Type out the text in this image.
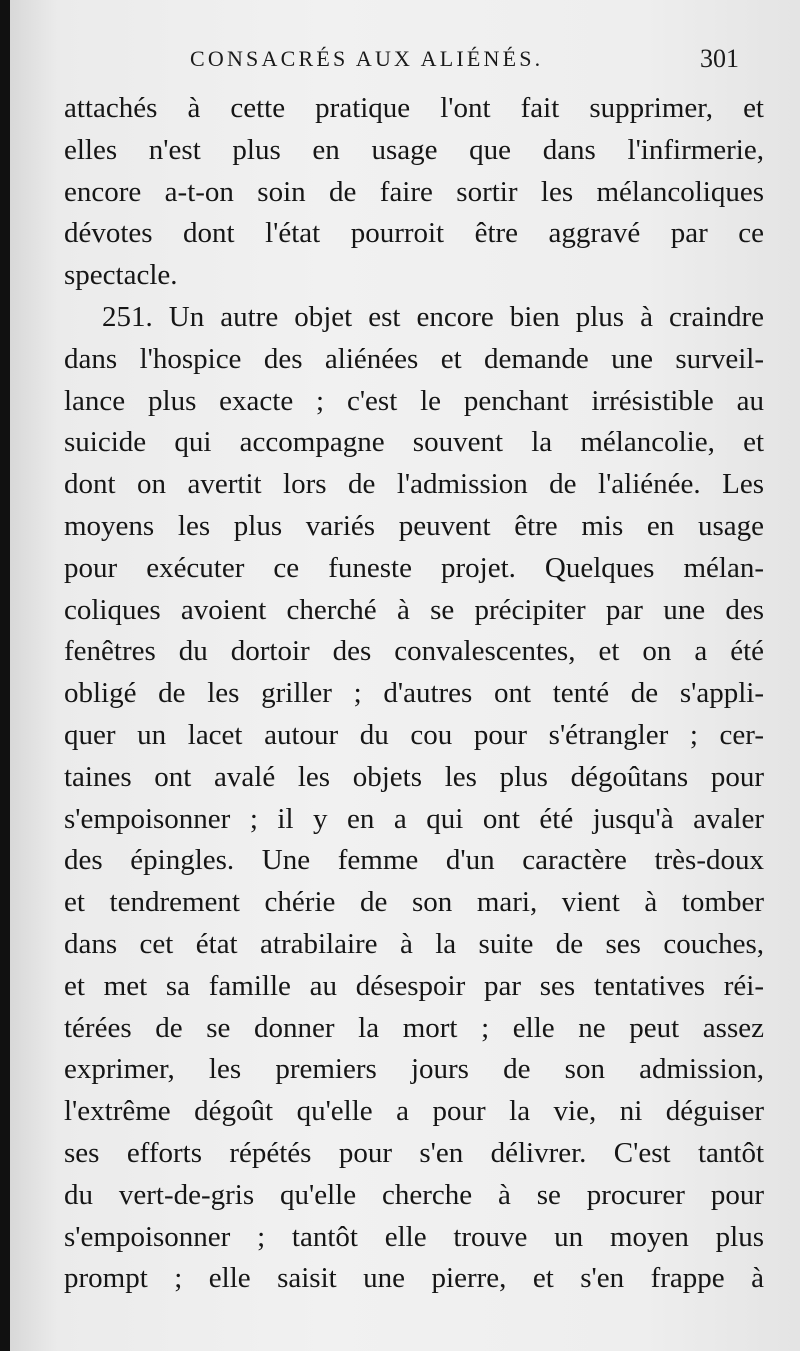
CONSACRÉS AUX ALIÉNÉS.	301
attachés à cette pratique l'ont fait supprimer, et
elles n'est plus en usage que dans l'infirmerie,
encore a-t-on soin de faire sortir les mélancoliques
dévotes dont l'état pourroit être aggravé par ce
spectacle.
251. Un autre objet est encore bien plus à craindre
dans l'hospice des aliénées et demande une surveil-
lance plus exacte ; c'est le penchant irrésistible au
suicide qui accompagne souvent la mélancolie, et
dont on avertit lors de l'admission de l'aliénée. Les
moyens les plus variés peuvent être mis en usage
pour exécuter ce funeste projet. Quelques mélan-
coliques avoient cherché à se précipiter par une des
fenêtres du dortoir des convalescentes, et on a été
obligé de les griller ; d'autres ont tenté de s'appli-
quer un lacet autour du cou pour s'étrangler ; cer-
taines ont avalé les objets les plus dégoûtans pour
s'empoisonner ; il y en a qui ont été jusqu'à avaler
des épingles. Une femme d'un caractère très-doux
et tendrement chérie de son mari, vient à tomber
dans cet état atrabilaire à la suite de ses couches,
et met sa famille au désespoir par ses tentatives réi-
térées de se donner la mort ; elle ne peut assez
exprimer, les premiers jours de son admission,
l'extrême dégoût qu'elle a pour la vie, ni déguiser
ses efforts répétés pour s'en délivrer. C'est tantôt
du vert-de-gris qu'elle cherche à se procurer pour
s'empoisonner ; tantôt elle trouve un moyen plus
prompt ; elle saisit une pierre, et s'en frappe à
